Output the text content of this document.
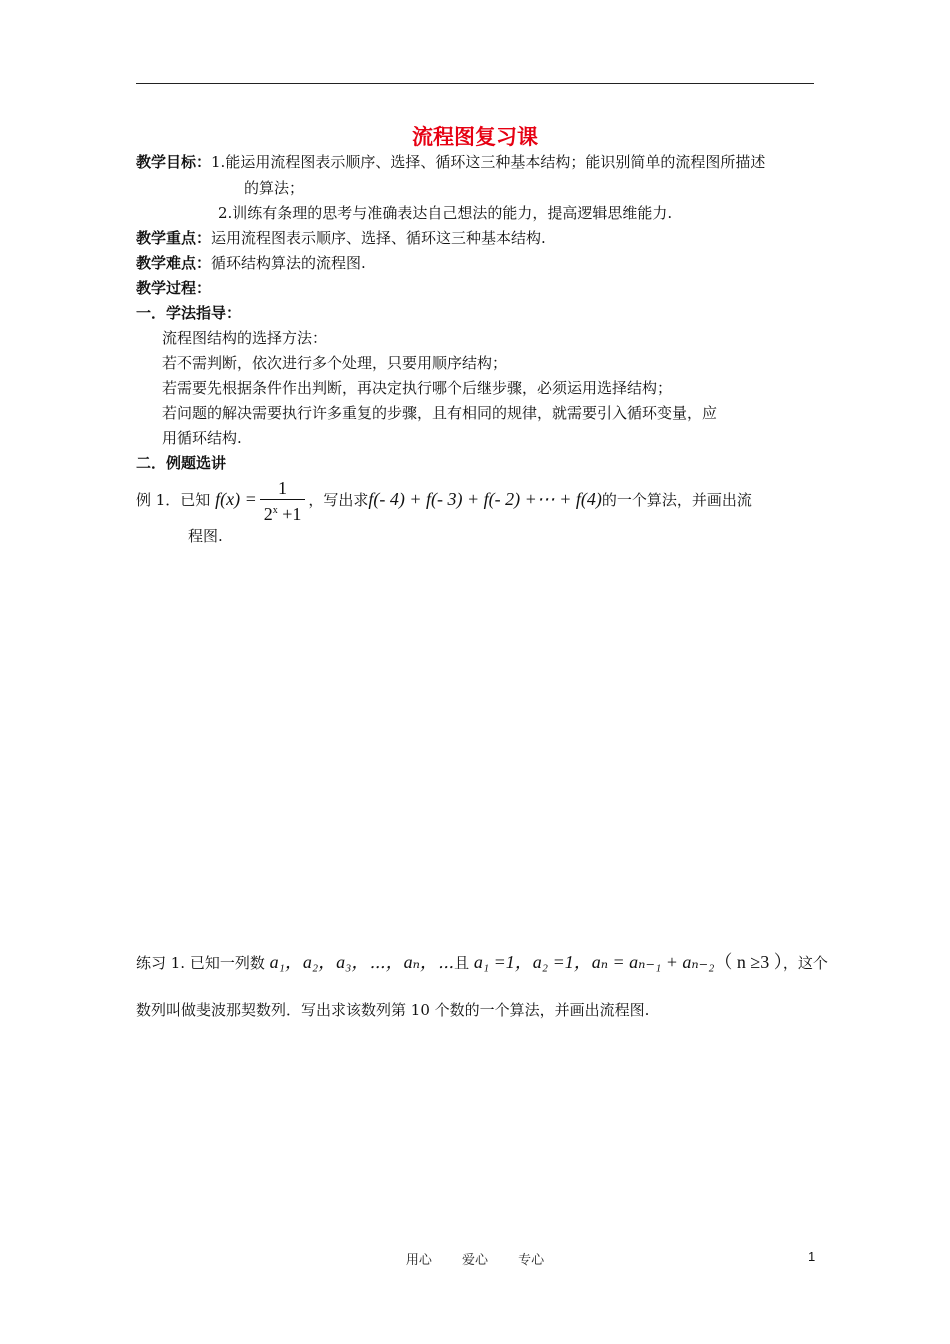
流程图复习课
教学目标：1.能运用流程图表示顺序、选择、循环这三种基本结构；能识别简单的流程图所描述
的算法；
2.训练有条理的思考与准确表达自己想法的能力，提高逻辑思维能力.
教学重点：运用流程图表示顺序、选择、循环这三种基本结构.
教学难点：循环结构算法的流程图.
教学过程：
一．学法指导：
流程图结构的选择方法：
若不需判断，依次进行多个处理，只要用顺序结构；
若需要先根据条件作出判断，再决定执行哪个后继步骤，必须运用选择结构；
若问题的解决需要执行许多重复的步骤，且有相同的规律，就需要引入循环变量，应
用循环结构.
二．例题选讲
例 1．已知 $f(x) = \frac{1}{2^x +1}$ ，写出求f(- 4) + f(- 3) + f(- 2) +⋯ + f(4)的一个算法，并画出流
程图.
练习 1. 已知一列数 a₁，a₂，a₃，⋯，aₙ，⋯且 a₁ =1，a₂ =1，aₙ = aₙ₋₁ + aₙ₋₂（ n ≥3 ），这个
数列叫做斐波那契数列．写出求该数列第 10 个数的一个算法，并画出流程图.
用心 爱心 专心	1
